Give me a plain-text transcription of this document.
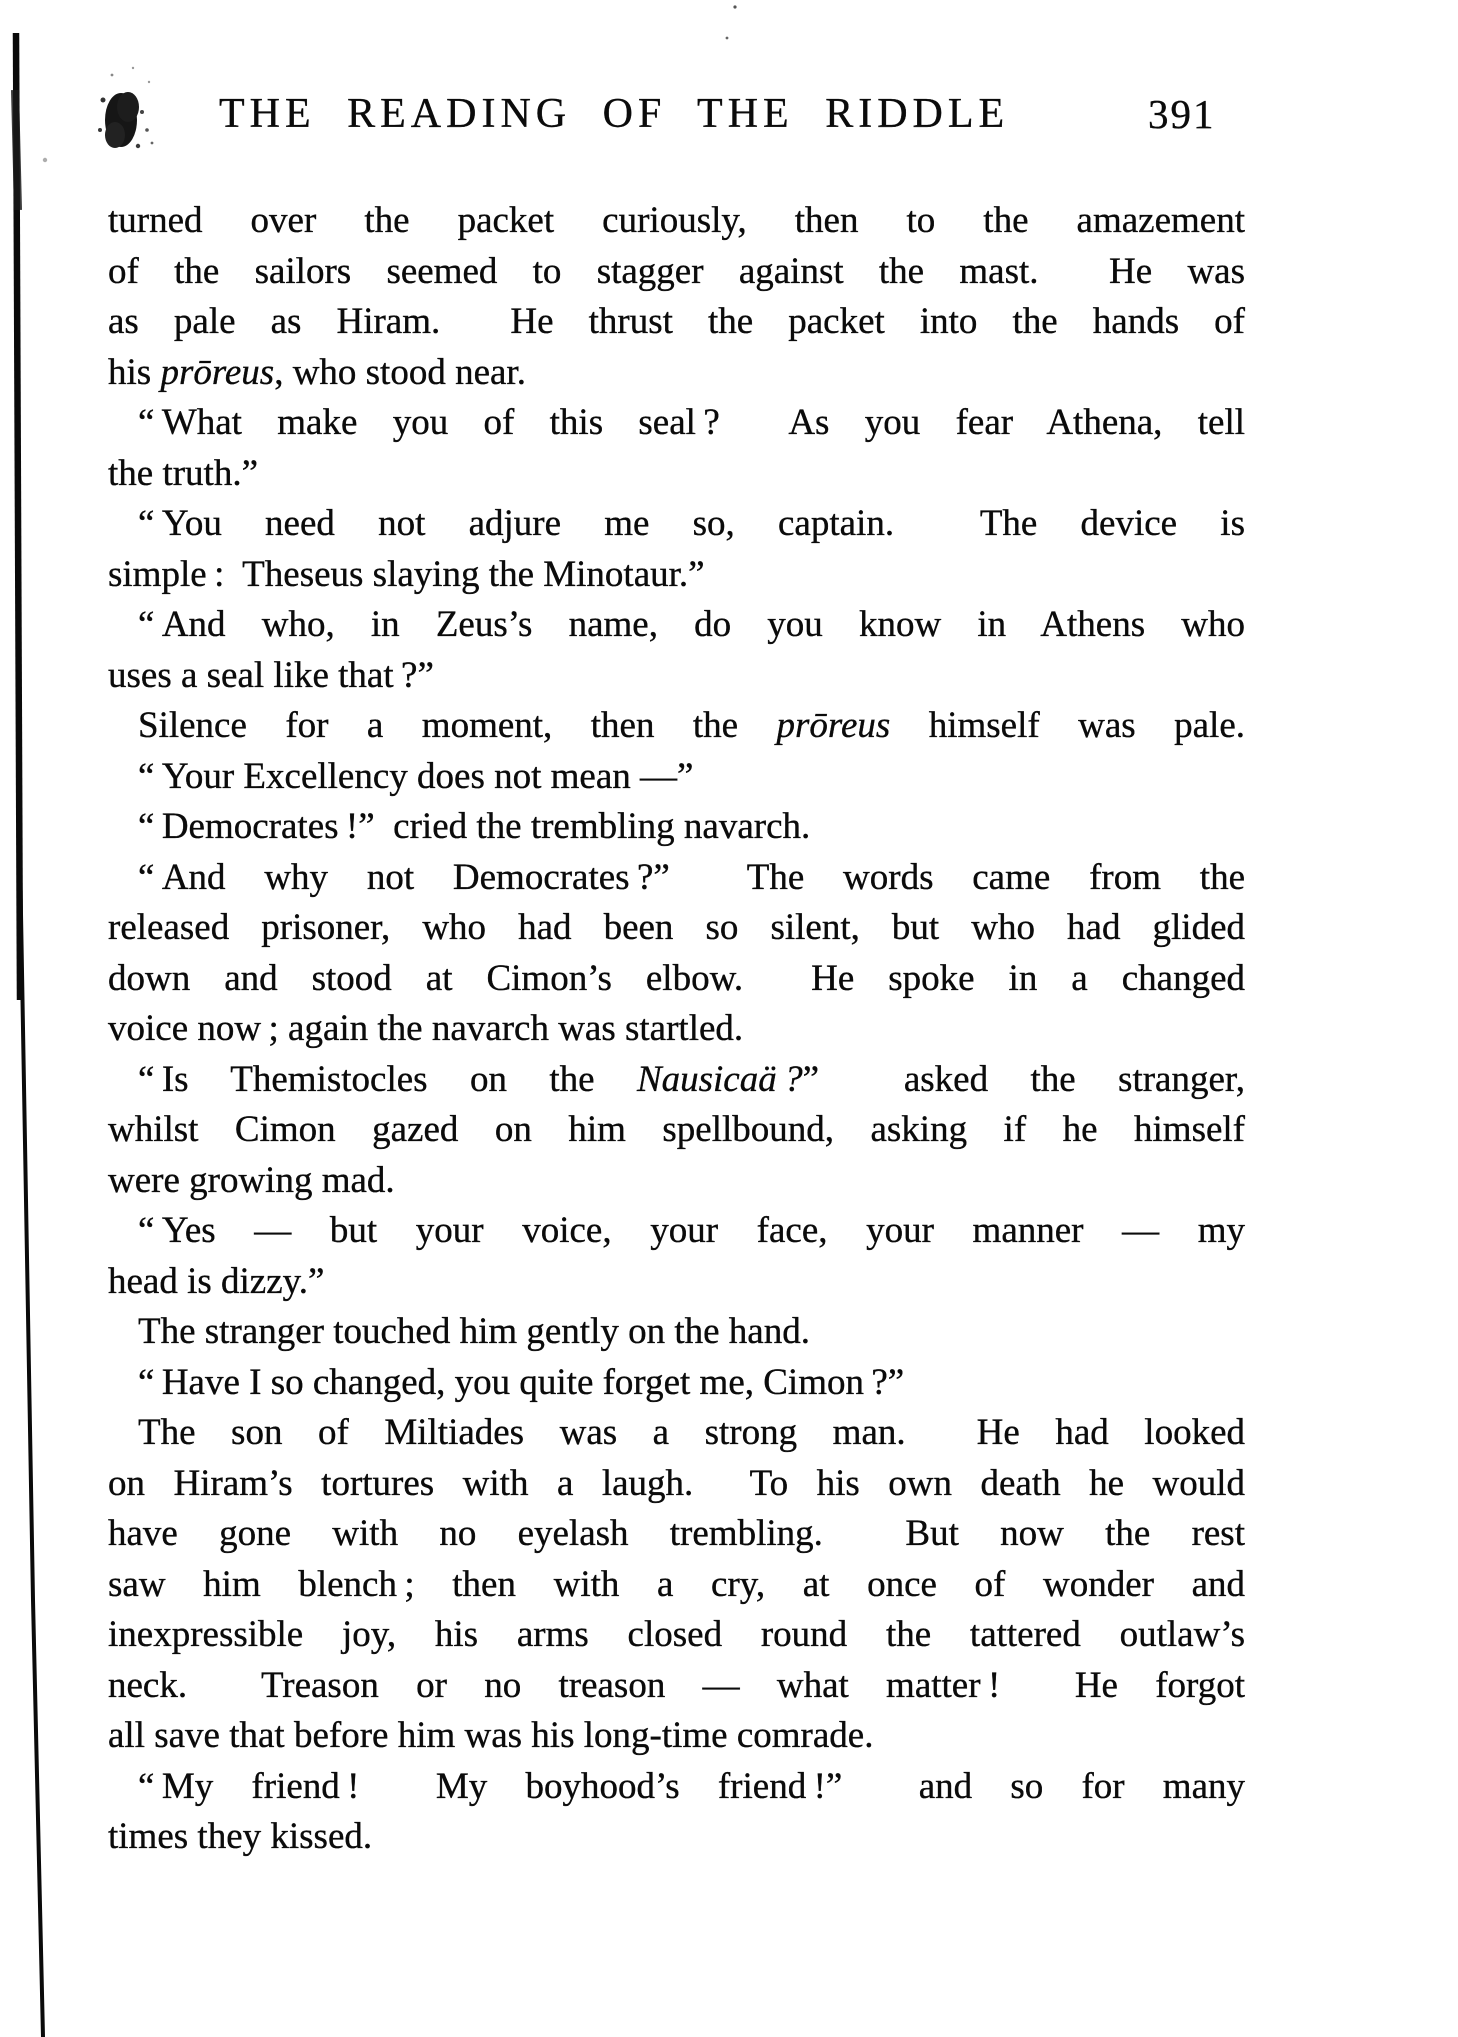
THE READING OF THE RIDDLE	391
turned over the packet curiously, then to the amazement
of the sailors seemed to stagger against the mast.  He was
as pale as Hiram.  He thrust the packet into the hands of
his prōreus, who stood near.
“ What make you of this seal ?  As you fear Athena, tell
the truth.”
“ You need not adjure me so, captain.  The device is
simple :  Theseus slaying the Minotaur.”
“ And who, in Zeus’s name, do you know in Athens who
uses a seal like that ?”
Silence for a moment, then the prōreus himself was pale.
“ Your Excellency does not mean —”
“ Democrates !”  cried the trembling navarch.
“ And why not Democrates ?”  The words came from the
released prisoner, who had been so silent, but who had glided
down and stood at Cimon’s elbow.  He spoke in a changed
voice now ; again the navarch was startled.
“ Is Themistocles on the Nausicaä ?”  asked the stranger,
whilst Cimon gazed on him spellbound, asking if he himself
were growing mad.
“ Yes — but your voice, your face, your manner — my
head is dizzy.”
The stranger touched him gently on the hand.
“ Have I so changed, you quite forget me, Cimon ?”
The son of Miltiades was a strong man.  He had looked
on Hiram’s tortures with a laugh.  To his own death he would
have gone with no eyelash trembling.  But now the rest
saw him blench ; then with a cry, at once of wonder and
inexpressible joy, his arms closed round the tattered outlaw’s
neck.  Treason or no treason — what matter !  He forgot
all save that before him was his long-time comrade.
“ My friend !  My boyhood’s friend !”  and so for many
times they kissed.
